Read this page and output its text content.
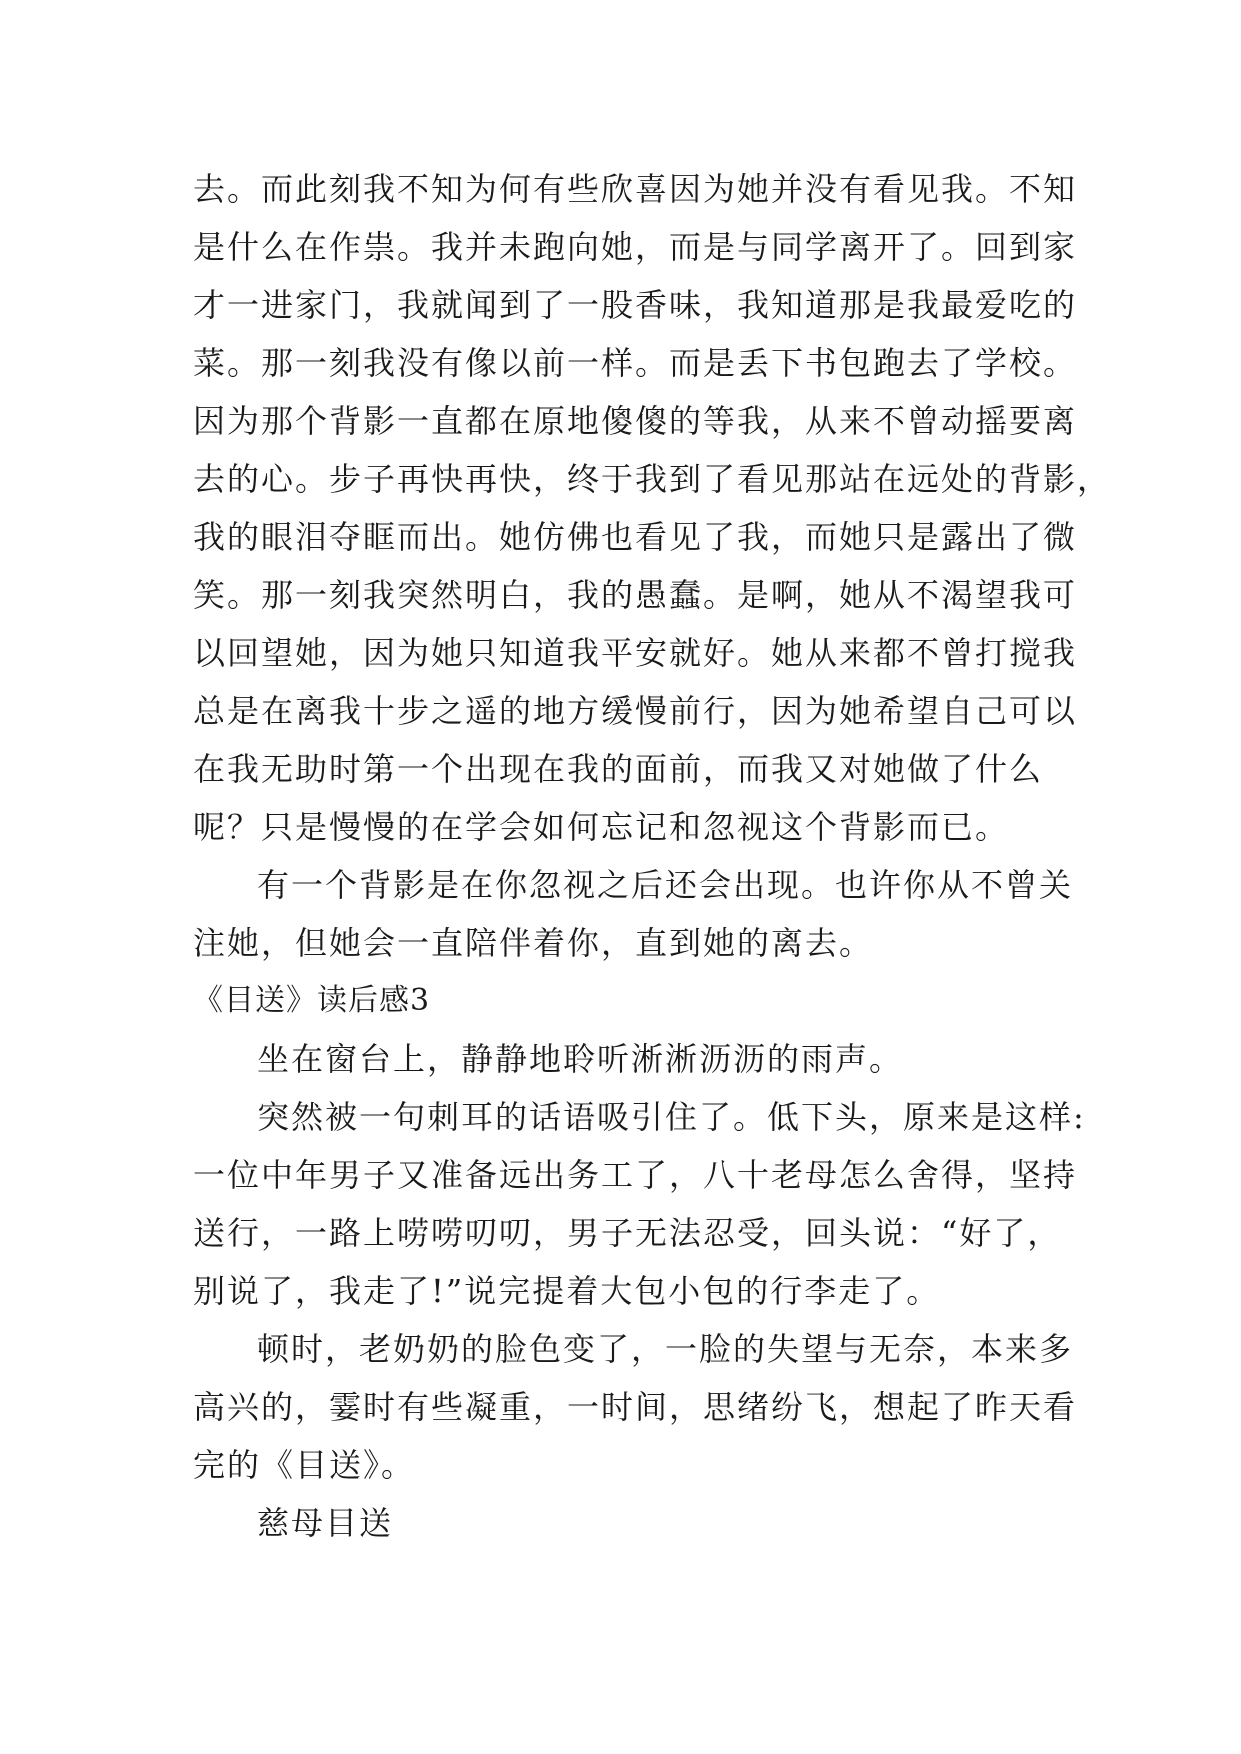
去。而此刻我不知为何有些欣喜因为她并没有看见我。不知
是什么在作祟。我并未跑向她，而是与同学离开了。回到家
才一进家门，我就闻到了一股香味，我知道那是我最爱吃的
菜。那一刻我没有像以前一样。而是丢下书包跑去了学校。
因为那个背影一直都在原地傻傻的等我，从来不曾动摇要离
去的心。步子再快再快，终于我到了看见那站在远处的背影，
我的眼泪夺眶而出。她仿佛也看见了我，而她只是露出了微
笑。那一刻我突然明白，我的愚蠢。是啊，她从不渴望我可
以回望她，因为她只知道我平安就好。她从来都不曾打搅我
总是在离我十步之遥的地方缓慢前行，因为她希望自己可以
在我无助时第一个出现在我的面前，而我又对她做了什么
呢？只是慢慢的在学会如何忘记和忽视这个背影而已。
有一个背影是在你忽视之后还会出现。也许你从不曾关
注她，但她会一直陪伴着你，直到她的离去。
《目送》读后感3
坐在窗台上，静静地聆听淅淅沥沥的雨声。
突然被一句刺耳的话语吸引住了。低下头，原来是这样:
一位中年男子又准备远出务工了，八十老母怎么舍得，坚持
送行，一路上唠唠叨叨，男子无法忍受，回头说：“好了，
别说了，我走了!”说完提着大包小包的行李走了。
顿时，老奶奶的脸色变了，一脸的失望与无奈，本来多
高兴的，霎时有些凝重，一时间，思绪纷飞，想起了昨天看
完的《目送》。
慈母目送
